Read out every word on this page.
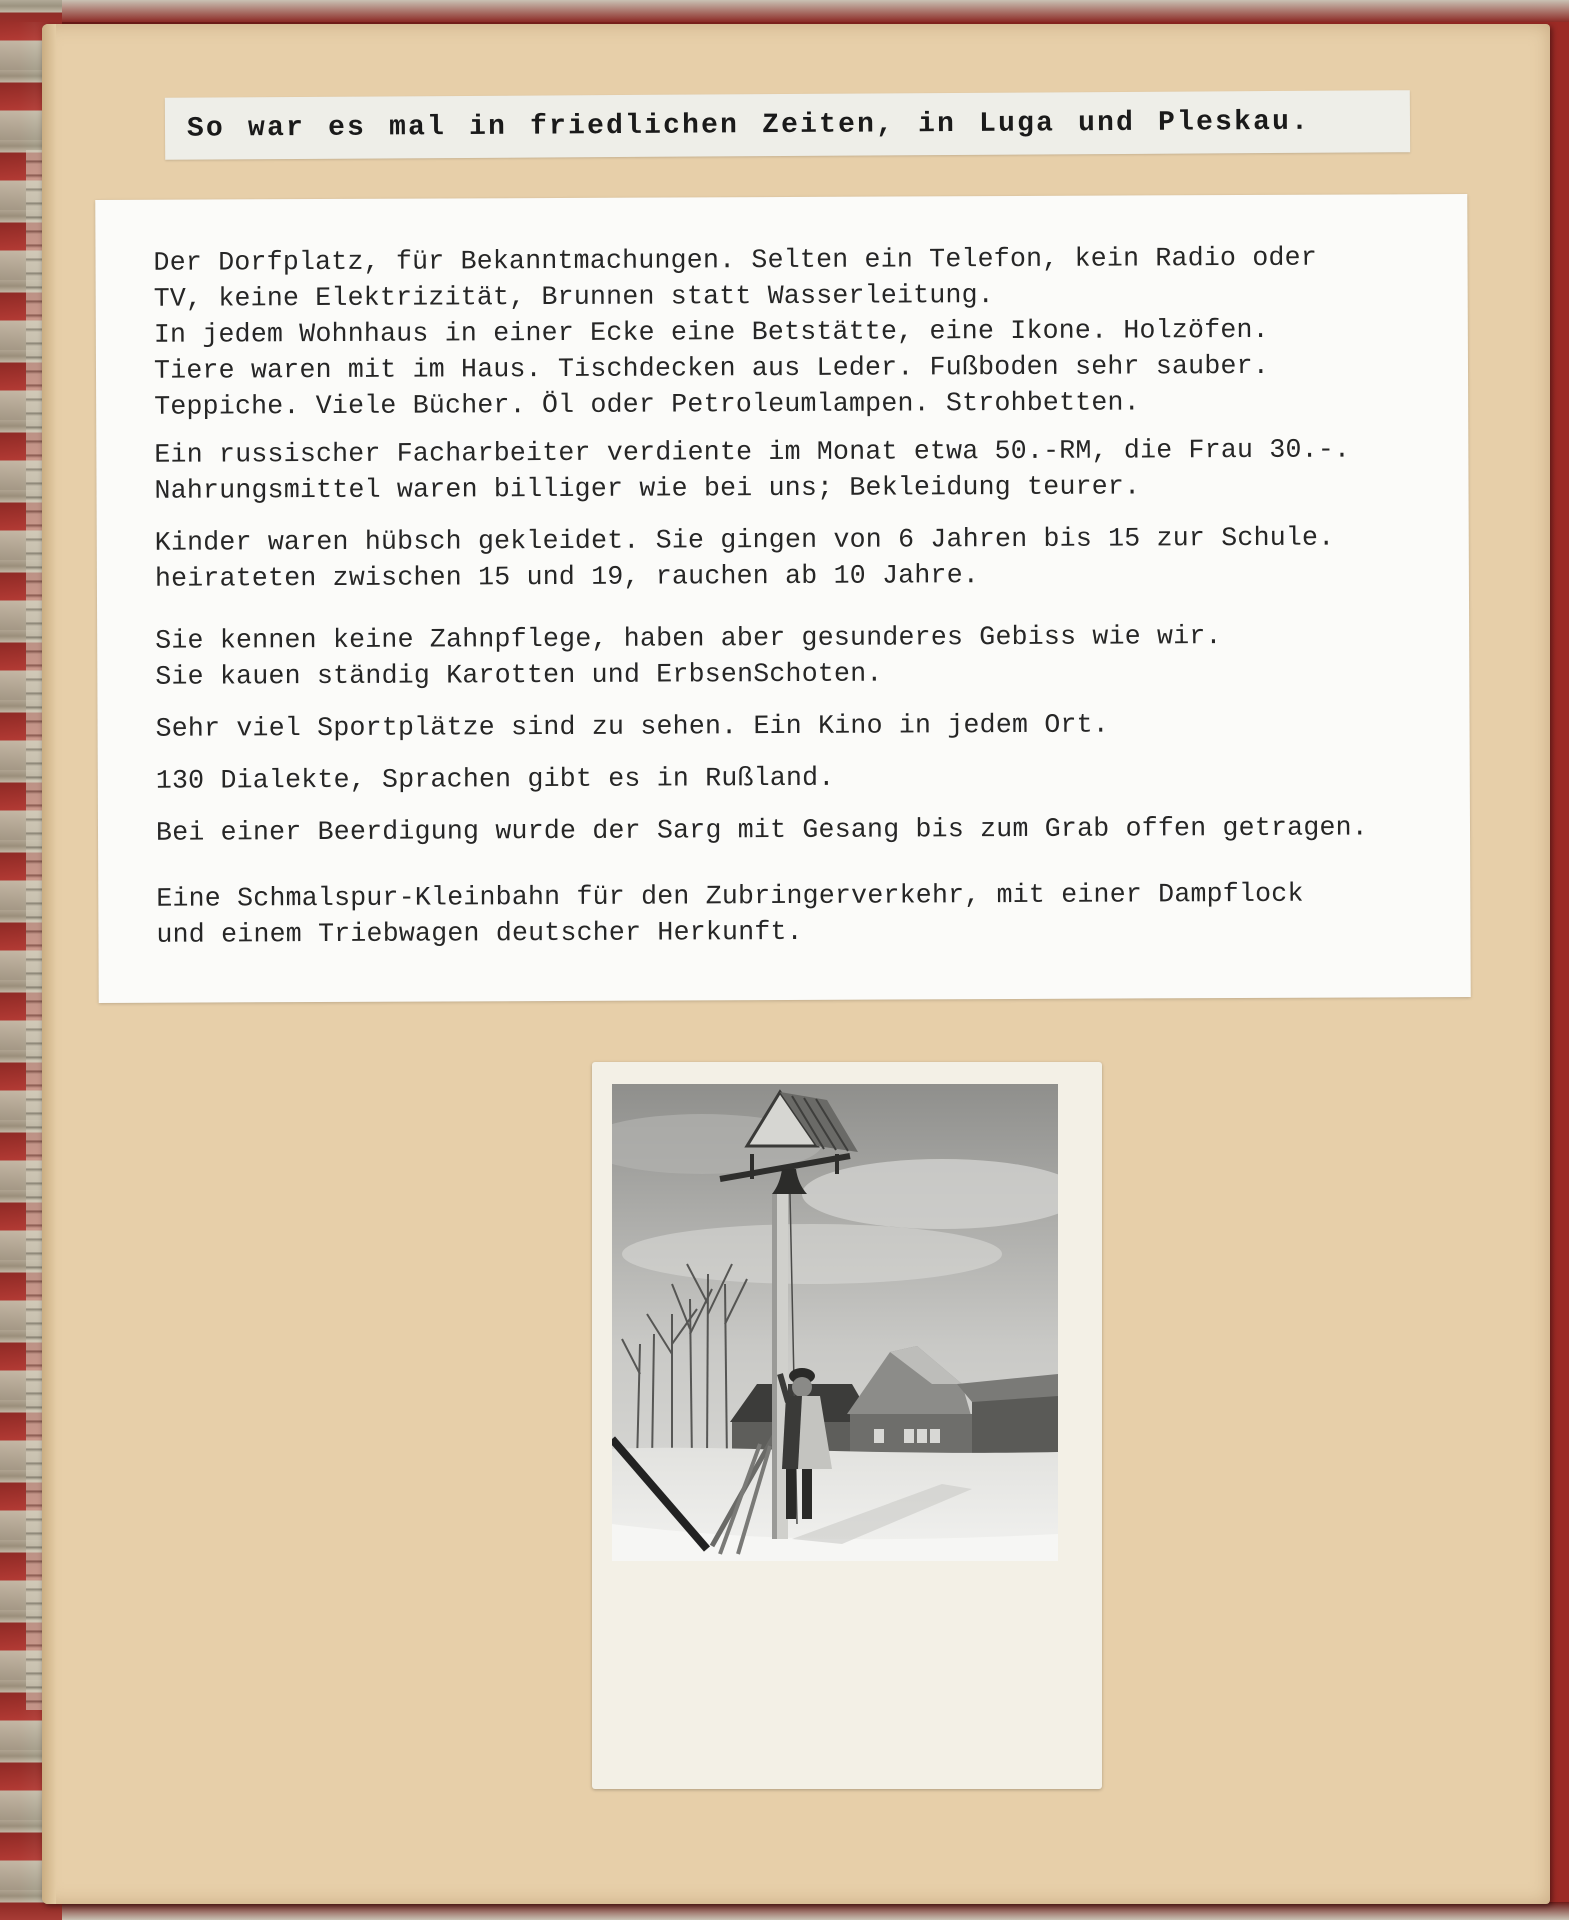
So war es mal in friedlichen Zeiten, in Luga und Pleskau.
Der Dorfplatz, für Bekanntmachungen. Selten ein Telefon, kein Radio oder
TV, keine Elektrizität, Brunnen statt Wasserleitung.
In jedem Wohnhaus in einer Ecke eine Betstätte, eine Ikone. Holzöfen.
Tiere waren mit im Haus. Tischdecken aus Leder. Fußboden sehr sauber.
Teppiche. Viele Bücher. Öl oder Petroleumlampen. Strohbetten.
Ein russischer Facharbeiter verdiente im Monat etwa 50.-RM, die Frau 30.-.
Nahrungsmittel waren billiger wie bei uns; Bekleidung teurer.
Kinder waren hübsch gekleidet. Sie gingen von 6 Jahren bis 15 zur Schule.
heirateten zwischen 15 und 19, rauchen ab 10 Jahre.
Sie kennen keine Zahnpflege, haben aber gesunderes Gebiss wie wir.
Sie kauen ständig Karotten und ErbsenSchoten.
Sehr viel Sportplätze sind zu sehen. Ein Kino in jedem Ort.
130 Dialekte, Sprachen gibt es in Rußland.
Bei einer Beerdigung wurde der Sarg mit Gesang bis zum Grab offen getragen.
Eine Schmalspur-Kleinbahn für den Zubringerverkehr, mit einer Dampflock
und einem Triebwagen deutscher Herkunft.
